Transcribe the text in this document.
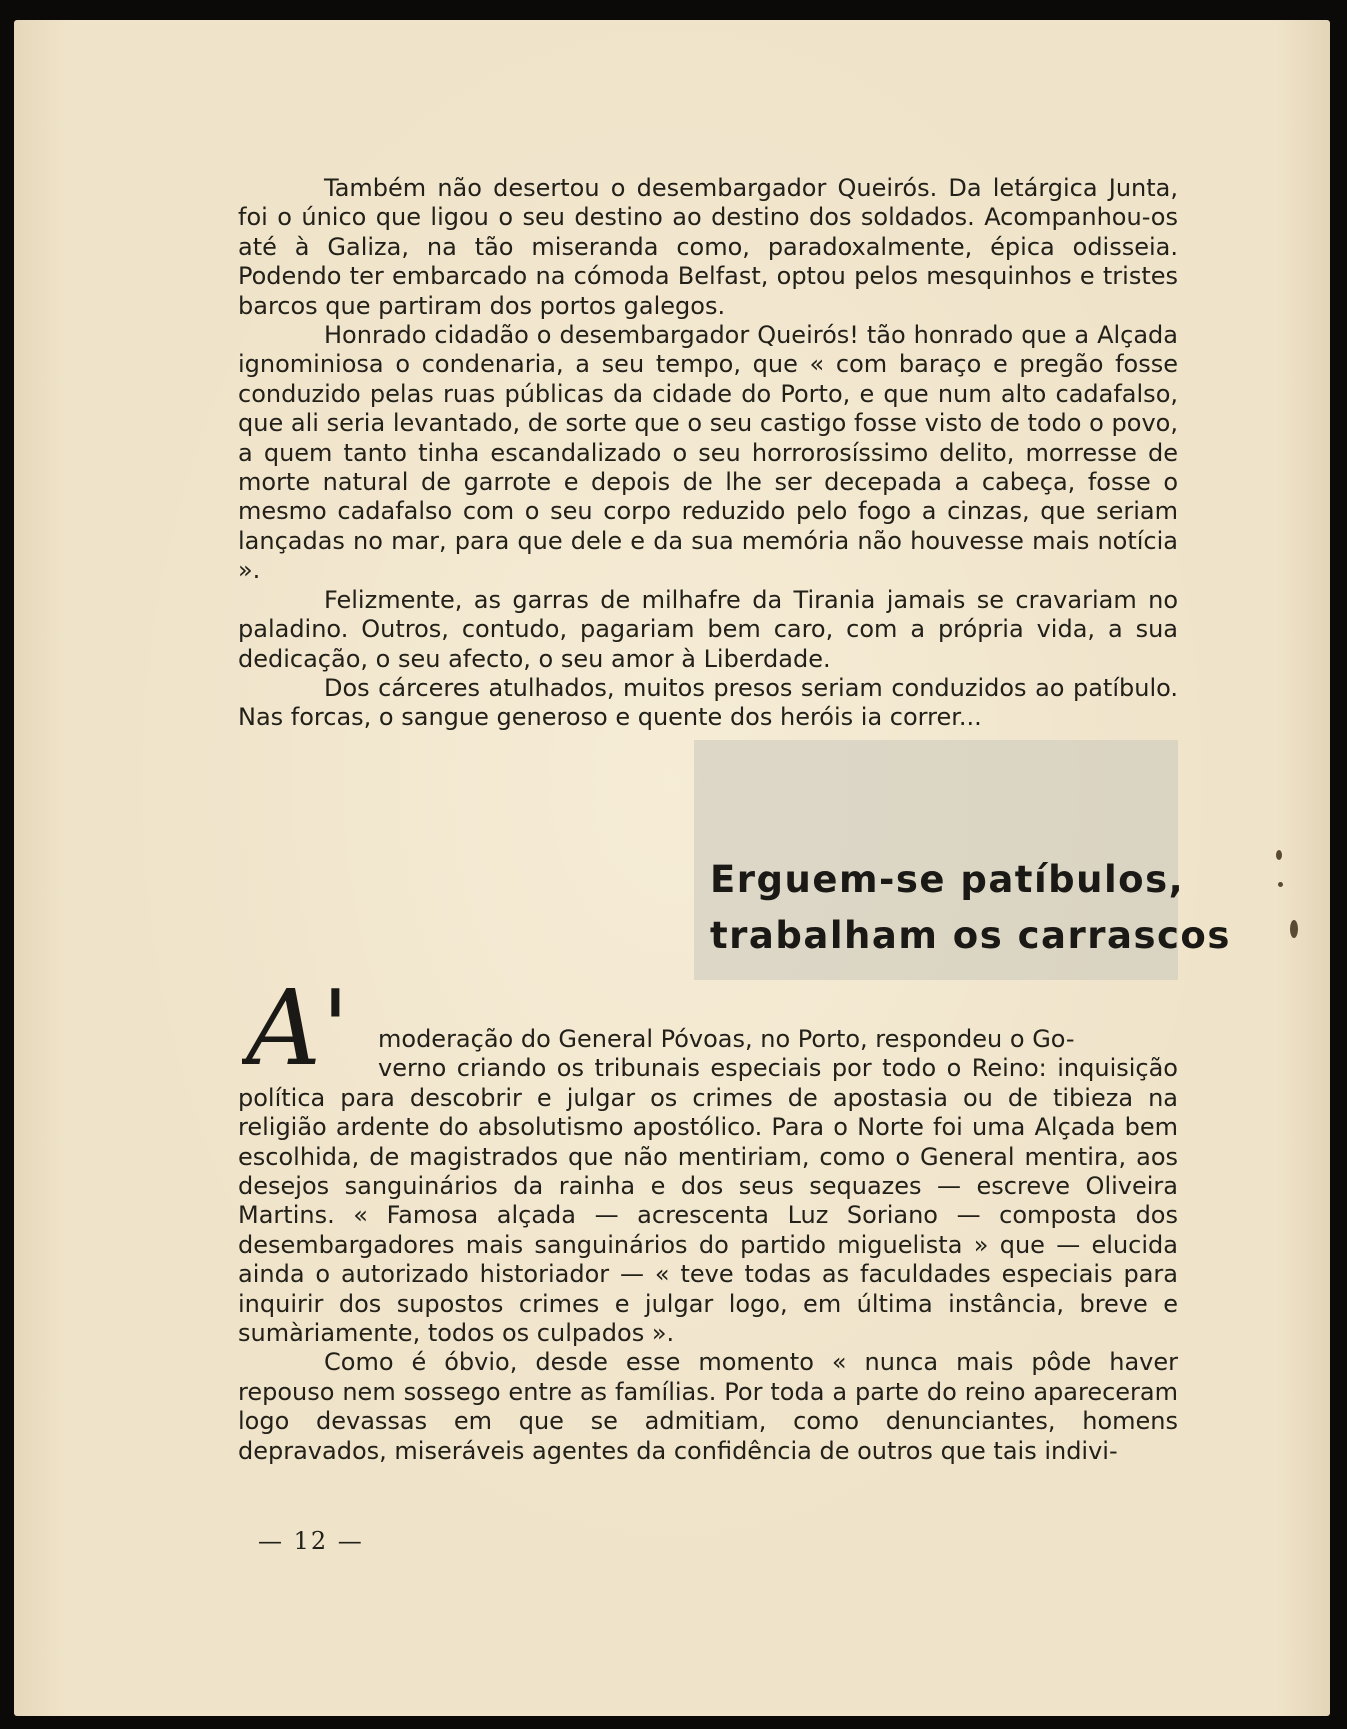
Também não desertou o desembargador Queirós. Da letárgica Junta, foi o único que ligou o seu destino ao destino dos soldados. Acompanhou-os até à Galiza, na tão miseranda como, paradoxalmente, épica odisseia. Podendo ter embarcado na cómoda Belfast, optou pelos mesquinhos e tristes barcos que partiram dos portos galegos.

Honrado cidadão o desembargador Queirós! tão honrado que a Alçada ignominiosa o condenaria, a seu tempo, que « com baraço e pregão fosse conduzido pelas ruas públicas da cidade do Porto, e que num alto cadafalso, que ali seria levantado, de sorte que o seu castigo fosse visto de todo o povo, a quem tanto tinha escandalizado o seu horrorosíssimo delito, morresse de morte natural de garrote e depois de lhe ser decepada a cabeça, fosse o mesmo cadafalso com o seu corpo reduzido pelo fogo a cinzas, que seriam lançadas no mar, para que dele e da sua memória não houvesse mais notícia ».

Felizmente, as garras de milhafre da Tirania jamais se cravariam no paladino. Outros, contudo, pagariam bem caro, com a própria vida, a sua dedicação, o seu afecto, o seu amor à Liberdade.

Dos cárceres atulhados, muitos presos seriam conduzidos ao patíbulo. Nas forcas, o sangue generoso e quente dos heróis ia correr...

Erguem-se patíbulos,
trabalham os carrascos
A'	moderação do General Póvoas, no Porto, respondeu o Go-

verno criando os tribunais especiais por todo o Reino: inquisição política para descobrir e julgar os crimes de apostasia ou de tibieza na religião ardente do absolutismo apostólico. Para o Norte foi uma Alçada bem escolhida, de magistrados que não mentiriam, como o General mentira, aos desejos sanguinários da rainha e dos seus sequazes — escreve Oliveira Martins. « Famosa alçada — acrescenta Luz Soriano — composta dos desembargadores mais sanguinários do partido miguelista » que — elucida ainda o autorizado historiador — « teve todas as faculdades especiais para inquirir dos supostos crimes e julgar logo, em última instância, breve e sumàriamente, todos os culpados ».

Como é óbvio, desde esse momento « nunca mais pôde haver repouso nem sossego entre as famílias. Por toda a parte do reino apareceram logo devassas em que se admitiam, como denunciantes, homens depravados, miseráveis agentes da confidência de outros que tais indivi-

— 12 —
